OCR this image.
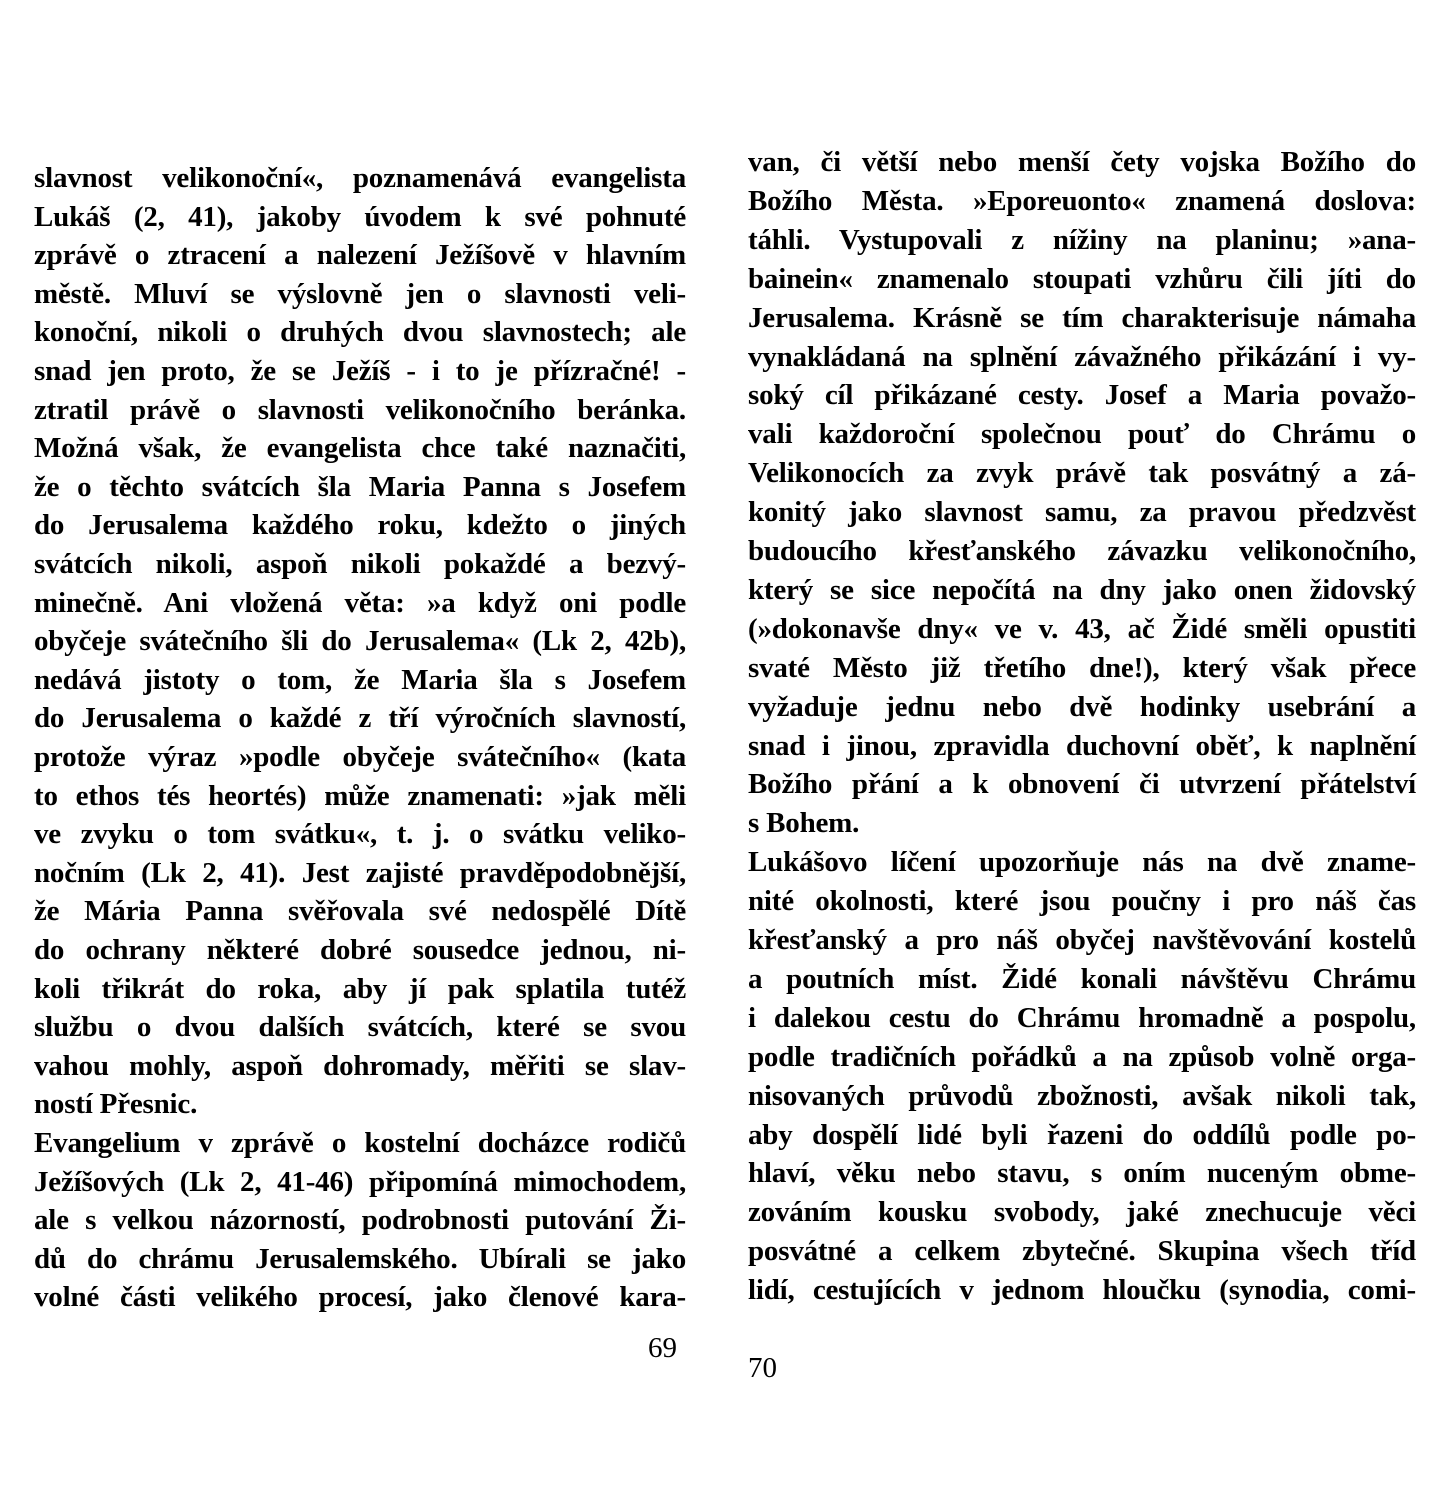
slavnost velikonoční«, poznamenává evangelista
Lukáš (2, 41), jakoby úvodem k své pohnuté
zprávě o ztracení a nalezení Ježíšově v hlavním
městě. Mluví se výslovně jen o slavnosti veli-
konoční, nikoli o druhých dvou slavnostech; ale
snad jen proto, že se Ježíš - i to je přízračné! -
ztratil právě o slavnosti velikonočního beránka.
Možná však, že evangelista chce také naznačiti,
že o těchto svátcích šla Maria Panna s Josefem
do Jerusalema každého roku, kdežto o jiných
svátcích nikoli, aspoň nikoli pokaždé a bezvý-
minečně. Ani vložená věta: »a když oni podle
obyčeje svátečního šli do Jerusalema« (Lk 2, 42b),
nedává jistoty o tom, že Maria šla s Josefem
do Jerusalema o každé z tří výročních slavností,
protože výraz »podle obyčeje svátečního« (kata
to ethos tés heortés) může znamenati: »jak měli
ve zvyku o tom svátku«, t. j. o svátku veliko-
nočním (Lk 2, 41). Jest zajisté pravděpodobnější,
že Mária Panna svěřovala své nedospělé Dítě
do ochrany některé dobré sousedce jednou, ni-
koli třikrát do roka, aby jí pak splatila tutéž
službu o dvou dalších svátcích, které se svou
vahou mohly, aspoň dohromady, měřiti se slav-
ností Přesnic.
Evangelium v zprávě o kostelní docházce rodičů
Ježíšových (Lk 2, 41-46) připomíná mimochodem,
ale s velkou názorností, podrobnosti putování Ži-
dů do chrámu Jerusalemského. Ubírali se jako
volné části velikého procesí, jako členové kara-
69
van, či větší nebo menší čety vojska Božího do
Božího Města. »Eporeuonto« znamená doslova:
táhli. Vystupovali z nížiny na planinu; »ana-
bainein« znamenalo stoupati vzhůru čili jíti do
Jerusalema. Krásně se tím charakterisuje námaha
vynakládaná na splnění závažného přikázání i vy-
soký cíl přikázané cesty. Josef a Maria považo-
vali každoroční společnou pouť do Chrámu o
Velikonocích za zvyk právě tak posvátný a zá-
konitý jako slavnost samu, za pravou předzvěst
budoucího křesťanského závazku velikonočního,
který se sice nepočítá na dny jako onen židovský
(»dokonavše dny« ve v. 43, ač Židé směli opustiti
svaté Město již třetího dne!), který však přece
vyžaduje jednu nebo dvě hodinky usebrání a
snad i jinou, zpravidla duchovní oběť, k naplnění
Božího přání a k obnovení či utvrzení přátelství
s Bohem.
Lukášovo líčení upozorňuje nás na dvě zname-
nité okolnosti, které jsou poučny i pro náš čas
křesťanský a pro náš obyčej navštěvování kostelů
a poutních míst. Židé konali návštěvu Chrámu
i dalekou cestu do Chrámu hromadně a pospolu,
podle tradičních pořádků a na způsob volně orga-
nisovaných průvodů zbožnosti, avšak nikoli tak,
aby dospělí lidé byli řazeni do oddílů podle po-
hlaví, věku nebo stavu, s oním nuceným obme-
zováním kousku svobody, jaké znechucuje věci
posvátné a celkem zbytečné. Skupina všech tříd
lidí, cestujících v jednom hloučku (synodia, comi-
70
